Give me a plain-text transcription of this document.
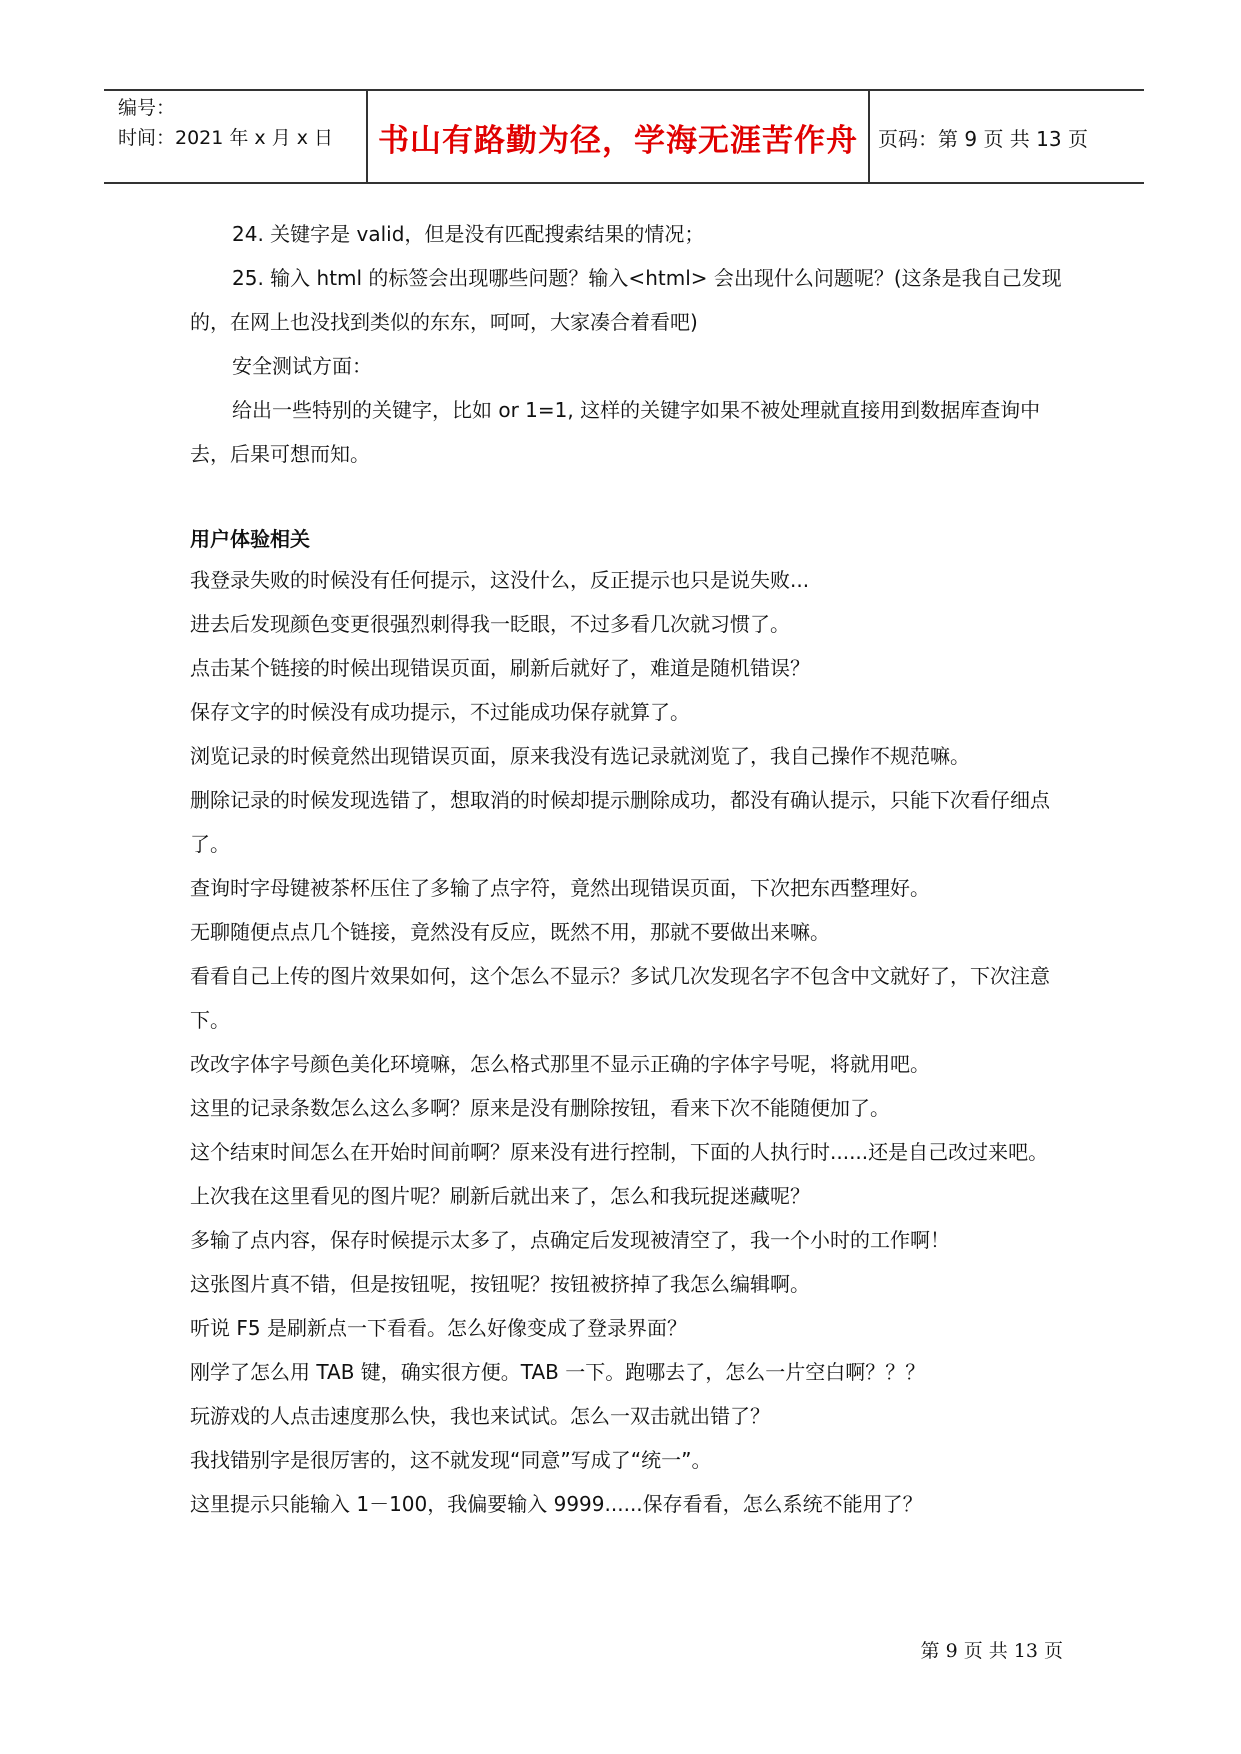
编号：
时间：2021 年 x 月 x 日 书山有路勤为径，学海无涯苦作舟	页码：第 9 页 共 13 页

24. 关键字是 valid，但是没有匹配搜索结果的情况；

25. 输入 html 的标签会出现哪些问题？输入<html> 会出现什么问题呢？(这条是我自己发现的，在网上也没找到类似的东东，呵呵，大家凑合着看吧)

安全测试方面：

给出一些特别的关键字，比如 or 1=1, 这样的关键字如果不被处理就直接用到数据库查询中去，后果可想而知。

用户体验相关

我登录失败的时候没有任何提示，这没什么，反正提示也只是说失败...

进去后发现颜色变更很强烈刺得我一眨眼，不过多看几次就习惯了。

点击某个链接的时候出现错误页面，刷新后就好了，难道是随机错误？

保存文字的时候没有成功提示，不过能成功保存就算了。

浏览记录的时候竟然出现错误页面，原来我没有选记录就浏览了，我自己操作不规范嘛。

删除记录的时候发现选错了，想取消的时候却提示删除成功，都没有确认提示，只能下次看仔细点了。

查询时字母键被茶杯压住了多输了点字符，竟然出现错误页面，下次把东西整理好。

无聊随便点点几个链接，竟然没有反应，既然不用，那就不要做出来嘛。

看看自己上传的图片效果如何，这个怎么不显示？多试几次发现名字不包含中文就好了，下次注意下。

改改字体字号颜色美化环境嘛，怎么格式那里不显示正确的字体字号呢，将就用吧。

这里的记录条数怎么这么多啊？原来是没有删除按钮，看来下次不能随便加了。

这个结束时间怎么在开始时间前啊？原来没有进行控制，下面的人执行时......还是自己改过来吧。

上次我在这里看见的图片呢？刷新后就出来了，怎么和我玩捉迷藏呢？

多输了点内容，保存时候提示太多了，点确定后发现被清空了，我一个小时的工作啊！

这张图片真不错，但是按钮呢，按钮呢？按钮被挤掉了我怎么编辑啊。

听说 F5 是刷新点一下看看。怎么好像变成了登录界面？

刚学了怎么用 TAB 键，确实很方便。TAB 一下。跑哪去了，怎么一片空白啊？？？

玩游戏的人点击速度那么快，我也来试试。怎么一双击就出错了？

我找错别字是很厉害的，这不就发现“同意”写成了“统一”。

这里提示只能输入 1－100，我偏要输入 9999......保存看看，怎么系统不能用了？

第 9 页 共 13 页
